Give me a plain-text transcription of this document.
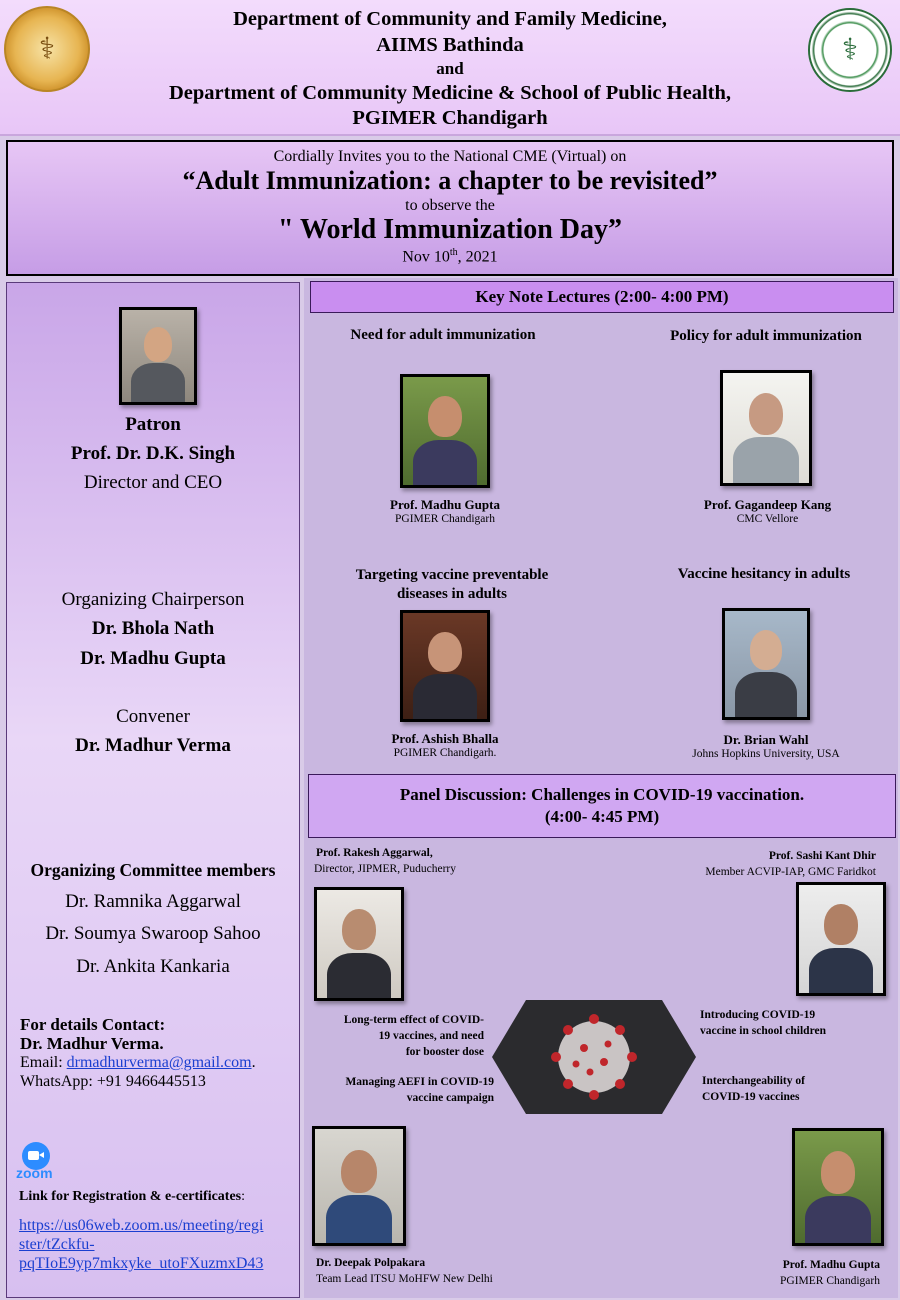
⚕	⚕
Department of Community and Family Medicine,
AIIMS Bathinda
and
Department of Community Medicine & School of Public Health,
PGIMER Chandigarh
Cordially Invites you to the National CME (Virtual) on
“Adult Immunization: a chapter to be revisited”
to observe the
" World Immunization Day”
Nov 10th, 2021
Patron
Prof. Dr. D.K. Singh
Director and CEO
Organizing Chairperson
Dr. Bhola Nath
Dr. Madhu Gupta
Convener
Dr. Madhur Verma
Organizing Committee members
Dr. Ramnika Aggarwal
Dr. Soumya Swaroop Sahoo
Dr. Ankita Kankaria
For details Contact:
Dr. Madhur Verma.
Email: drmadhurverma@gmail.com.
WhatsApp: +91 9466445513
zoom
Link for Registration & e-certificates:
https://us06web.zoom.us/meeting/regi
ster/tZckfu-
pqTIoE9yp7mkxyke_utoFXuzmxD43
Key Note Lectures (2:00- 4:00 PM)
Need for adult immunization	Policy for adult immunization
Prof. Madhu Gupta
PGIMER Chandigarh
Prof. Gagandeep Kang
CMC Vellore
Targeting vaccine preventable
diseases in adults
Vaccine hesitancy in adults
Prof. Ashish Bhalla
PGIMER Chandigarh.
Dr. Brian Wahl
Johns Hopkins University, USA
Panel Discussion: Challenges in COVID-19 vaccination.
(4:00- 4:45 PM)
Prof. Rakesh Aggarwal,
Director, JIPMER, Puducherry
Prof. Sashi Kant Dhir
Member ACVIP-IAP, GMC Faridkot
Long-term effect of COVID-
19 vaccines, and need
for booster dose
Managing AEFI in COVID-19
vaccine campaign
Introducing COVID-19
vaccine in school children
Interchangeability of
COVID-19 vaccines
Dr. Deepak Polpakara
Team Lead ITSU MoHFW New Delhi
Prof. Madhu Gupta
PGIMER Chandigarh
